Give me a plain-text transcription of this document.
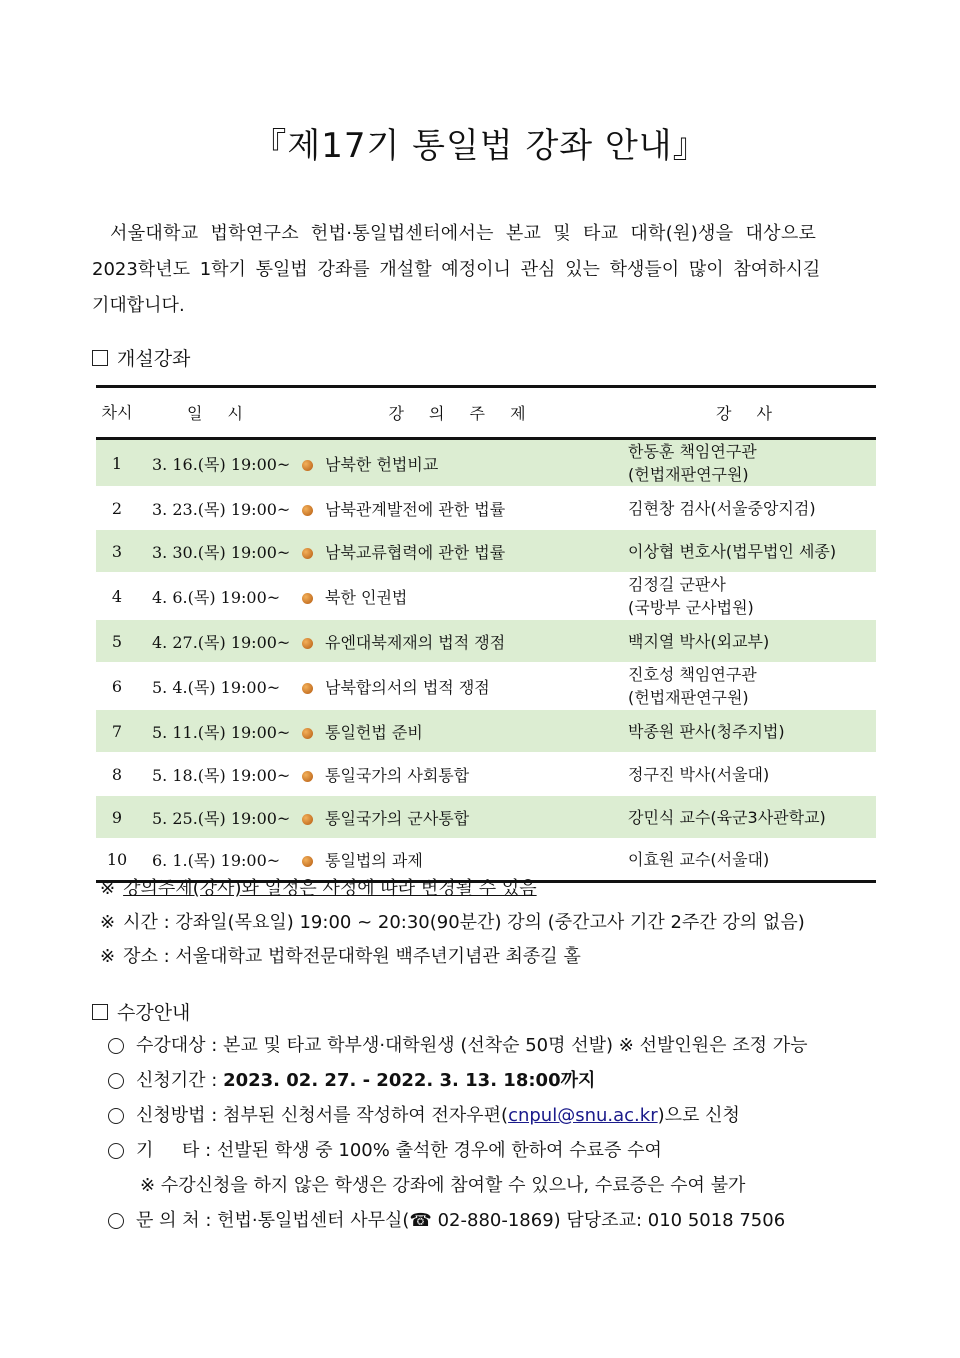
『제17기 통일법 강좌 안내』
서울대학교 법학연구소 헌법·통일법센터에서는 본교 및 타교 대학(원)생을 대상으로
2023학년도 1학기 통일법 강좌를 개설할 예정이니 관심 있는 학생들이 많이 참여하시길
기대합니다.
개설강좌
차시	일 시	강 의 주 제	강 사
1	3. 16.(목) 19:00~	남북한 헌법비교	한동훈 책임연구관
(헌법재판연구원)

2	3. 23.(목) 19:00~	남북관계발전에 관한 법률	김현창 검사(서울중앙지검)

3	3. 30.(목) 19:00~	남북교류협력에 관한 법률	이상협 변호사(법무법인 세종)

4	4. 6.(목) 19:00~	북한 인권법	김정길 군판사
(국방부 군사법원)

5	4. 27.(목) 19:00~	유엔대북제재의 법적 쟁점	백지열 박사(외교부)

6	5. 4.(목) 19:00~	남북합의서의 법적 쟁점	진호성 책임연구관
(헌법재판연구원)

7	5. 11.(목) 19:00~	통일헌법 준비	박종원 판사(청주지법)

8	5. 18.(목) 19:00~	통일국가의 사회통합	정구진 박사(서울대)

9	5. 25.(목) 19:00~	통일국가의 군사통합	강민식 교수(육군3사관학교)

10	6. 1.(목) 19:00~	통일법의 과제	이효원 교수(서울대)
※ 강의주제(강사)와 일정은 사정에 따라 변경될 수 있음
※ 시간 : 강좌일(목요일) 19:00 ~ 20:30(90분간) 강의 (중간고사 기간 2주간 강의 없음)
※ 장소 : 서울대학교 법학전문대학원 백주년기념관 최종길 홀
수강안내
수강대상 : 본교 및 타교 학부생·대학원생 (선착순 50명 선발) ※ 선발인원은 조정 가능
신청기간 : 2023. 02. 27. - 2022. 3. 13. 18:00까지
신청방법 : 첨부된 신청서를 작성하여 전자우편( cnpul@snu.ac.kr )으로 신청
기     타 : 선발된 학생 중 100% 출석한 경우에 한하여 수료증 수여
※ 수강신청을 하지 않은 학생은 강좌에 참여할 수 있으나, 수료증은 수여 불가
문 의 처 : 헌법·통일법센터 사무실(☎ 02-880-1869) 담당조교: 010 5018 7506
